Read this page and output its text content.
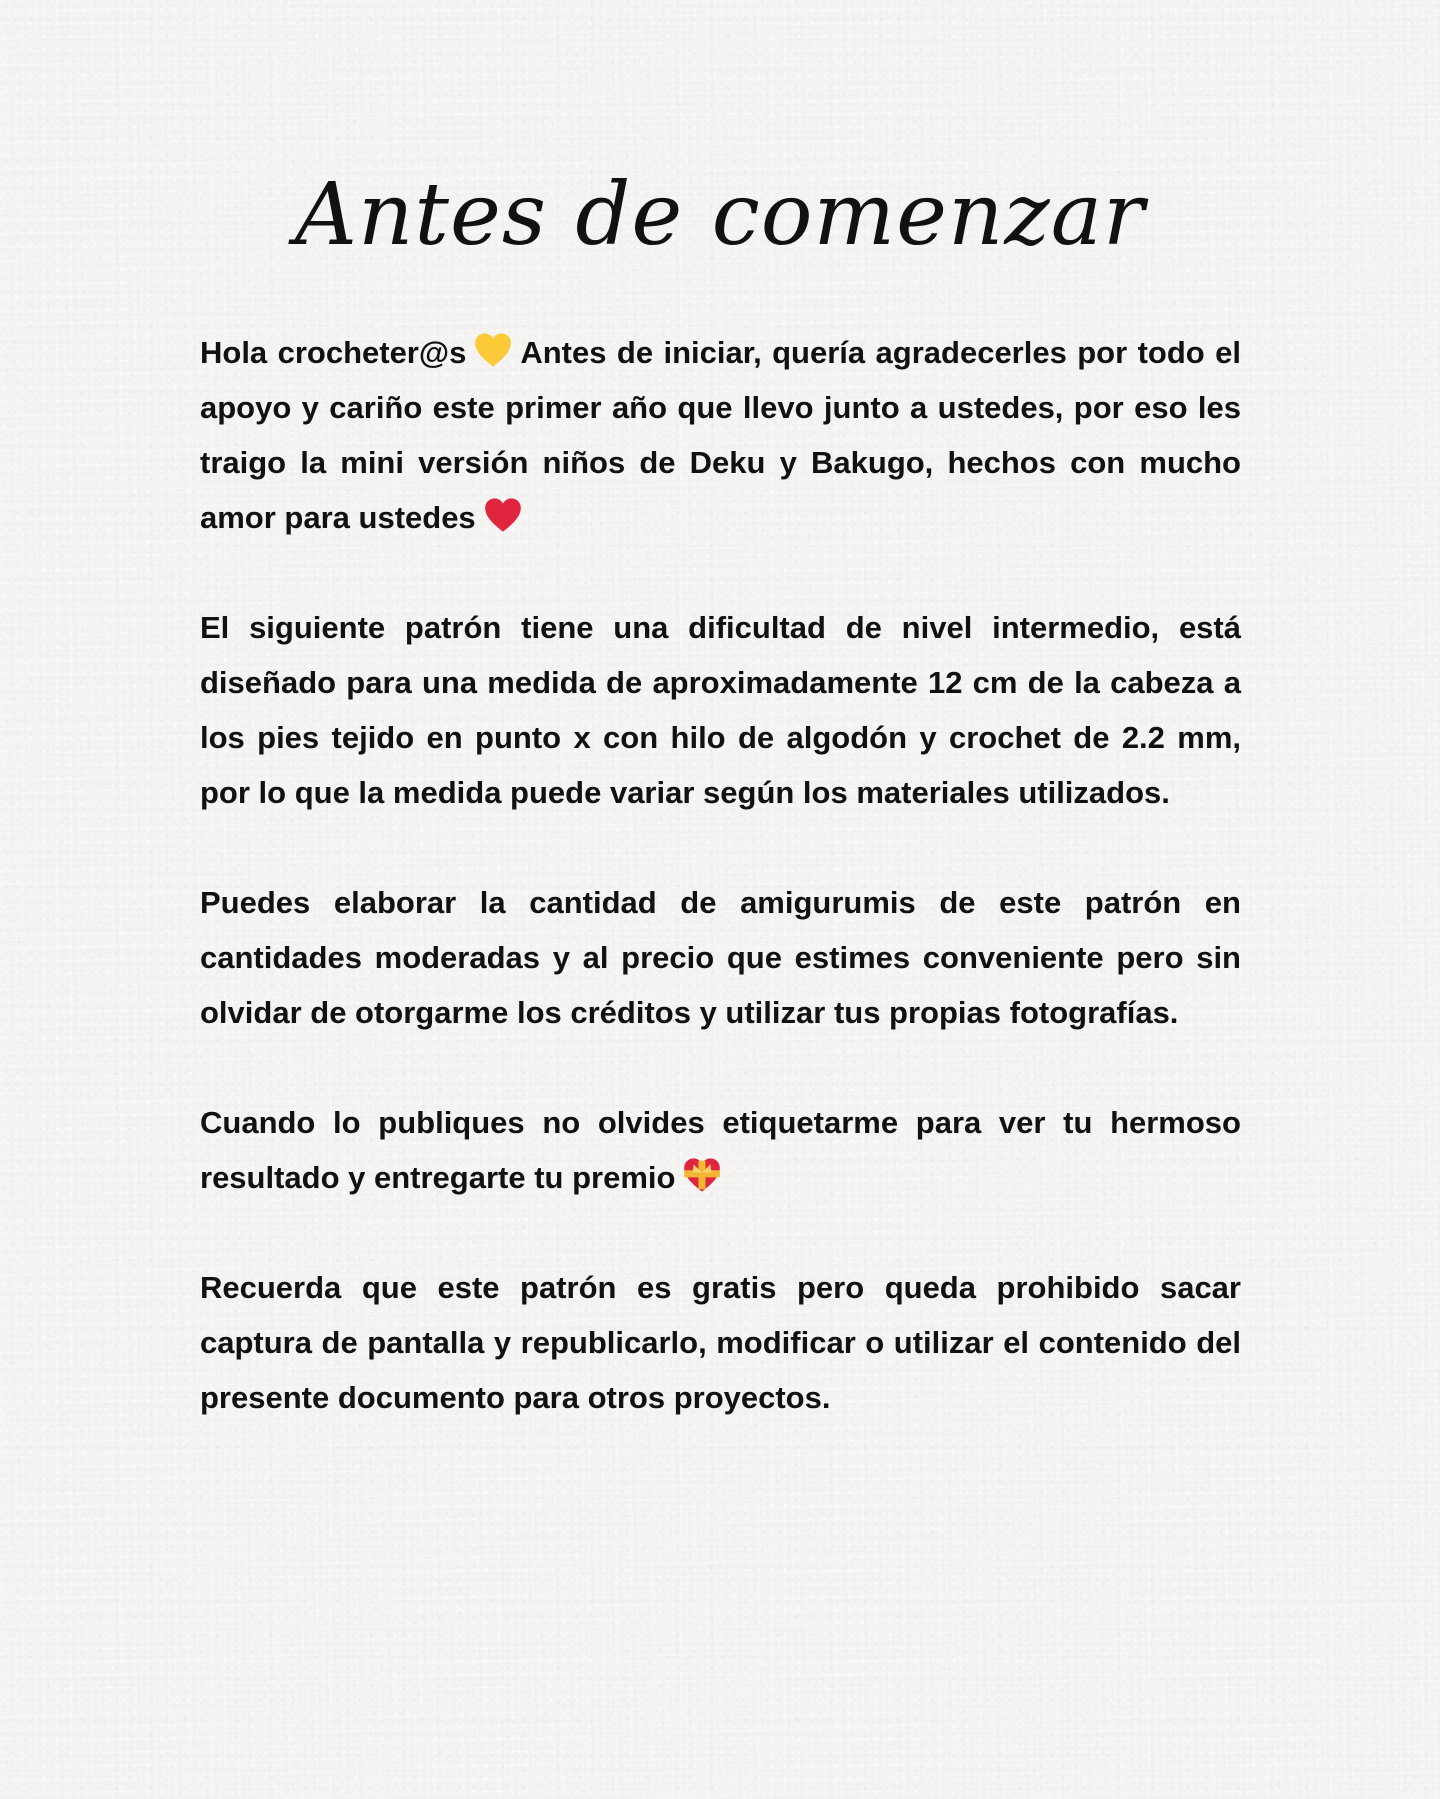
Antes de comenzar

Hola crocheter@s Antes de iniciar, quería agradecerles por todo el apoyo y cariño este primer año que llevo junto a ustedes, por eso les traigo la mini versión niños de Deku y Bakugo, hechos con mucho amor para ustedes

El siguiente patrón tiene una dificultad de nivel intermedio, está diseñado para una medida de aproximadamente 12 cm de la cabeza a los pies tejido en punto x con hilo de algodón y crochet de 2.2 mm, por lo que la medida puede variar según los materiales utilizados.

Puedes elaborar la cantidad de amigurumis de este patrón en cantidades moderadas y al precio que estimes conveniente pero sin olvidar de otorgarme los créditos y utilizar tus propias fotografías.

Cuando lo publiques no olvides etiquetarme para ver tu hermoso resultado y entregarte tu premio

Recuerda que este patrón es gratis pero queda prohibido sacar captura de pantalla y republicarlo, modificar o utilizar el contenido del presente documento para otros proyectos.
